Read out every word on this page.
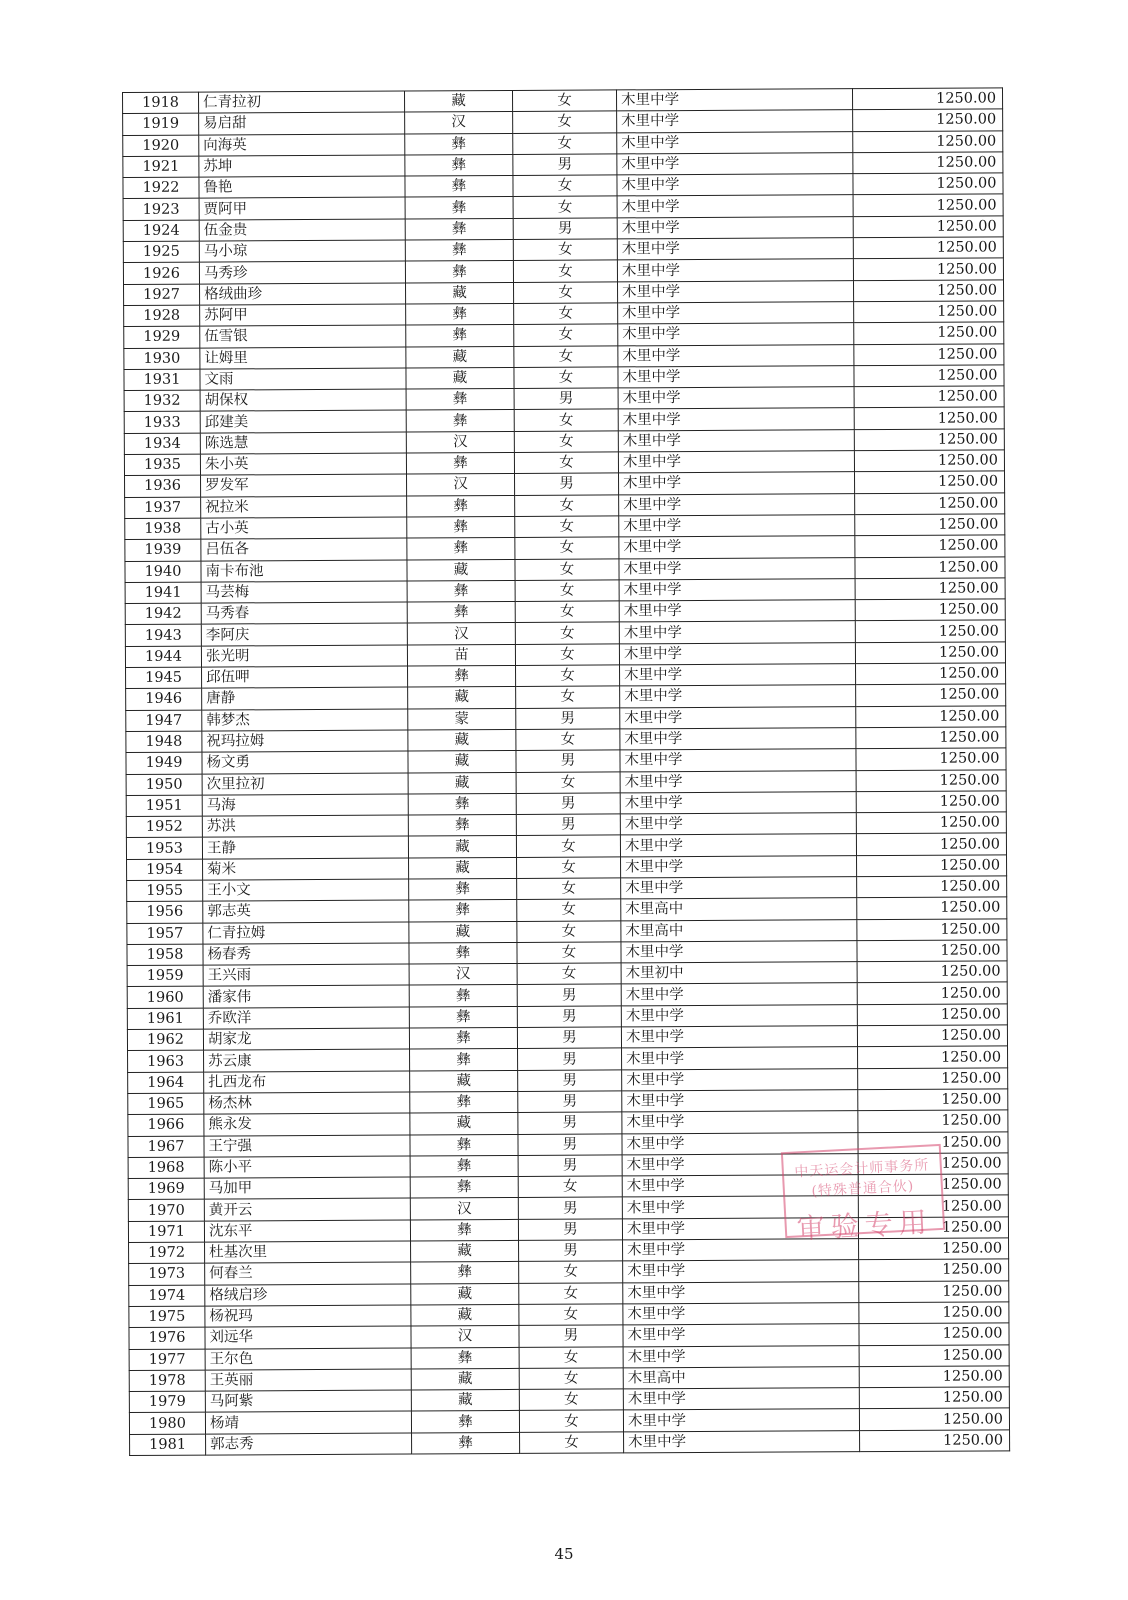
1918	仁青拉初	藏	女	木里中学	1250.00
1919	易启甜	汉	女	木里中学	1250.00
1920	向海英	彝	女	木里中学	1250.00
1921	苏坤	彝	男	木里中学	1250.00
1922	鲁艳	彝	女	木里中学	1250.00
1923	贾阿甲	彝	女	木里中学	1250.00
1924	伍金贵	彝	男	木里中学	1250.00
1925	马小琼	彝	女	木里中学	1250.00
1926	马秀珍	彝	女	木里中学	1250.00
1927	格绒曲珍	藏	女	木里中学	1250.00
1928	苏阿甲	彝	女	木里中学	1250.00
1929	伍雪银	彝	女	木里中学	1250.00
1930	让姆里	藏	女	木里中学	1250.00
1931	文雨	藏	女	木里中学	1250.00
1932	胡保权	彝	男	木里中学	1250.00
1933	邱建美	彝	女	木里中学	1250.00
1934	陈选慧	汉	女	木里中学	1250.00
1935	朱小英	彝	女	木里中学	1250.00
1936	罗发军	汉	男	木里中学	1250.00
1937	祝拉米	彝	女	木里中学	1250.00
1938	古小英	彝	女	木里中学	1250.00
1939	吕伍各	彝	女	木里中学	1250.00
1940	南卡布池	藏	女	木里中学	1250.00
1941	马芸梅	彝	女	木里中学	1250.00
1942	马秀春	彝	女	木里中学	1250.00
1943	李阿庆	汉	女	木里中学	1250.00
1944	张光明	苗	女	木里中学	1250.00
1945	邱伍呷	彝	女	木里中学	1250.00
1946	唐静	藏	女	木里中学	1250.00
1947	韩梦杰	蒙	男	木里中学	1250.00
1948	祝玛拉姆	藏	女	木里中学	1250.00
1949	杨文勇	藏	男	木里中学	1250.00
1950	次里拉初	藏	女	木里中学	1250.00
1951	马海	彝	男	木里中学	1250.00
1952	苏洪	彝	男	木里中学	1250.00
1953	王静	藏	女	木里中学	1250.00
1954	菊米	藏	女	木里中学	1250.00
1955	王小文	彝	女	木里中学	1250.00
1956	郭志英	彝	女	木里高中	1250.00
1957	仁青拉姆	藏	女	木里高中	1250.00
1958	杨春秀	彝	女	木里中学	1250.00
1959	王兴雨	汉	女	木里初中	1250.00
1960	潘家伟	彝	男	木里中学	1250.00
1961	乔欧洋	彝	男	木里中学	1250.00
1962	胡家龙	彝	男	木里中学	1250.00
1963	苏云康	彝	男	木里中学	1250.00
1964	扎西龙布	藏	男	木里中学	1250.00
1965	杨杰林	彝	男	木里中学	1250.00
1966	熊永发	藏	男	木里中学	1250.00
1967	王宁强	彝	男	木里中学	1250.00
1968	陈小平	彝	男	木里中学	1250.00
1969	马加甲	彝	女	木里中学	1250.00
1970	黄开云	汉	男	木里中学	1250.00
1971	沈东平	彝	男	木里中学	1250.00
1972	杜基次里	藏	男	木里中学	1250.00
1973	何春兰	彝	女	木里中学	1250.00
1974	格绒启珍	藏	女	木里中学	1250.00
1975	杨祝玛	藏	女	木里中学	1250.00
1976	刘远华	汉	男	木里中学	1250.00
1977	王尔色	彝	女	木里中学	1250.00
1978	王英丽	藏	女	木里高中	1250.00
1979	马阿紫	藏	女	木里中学	1250.00
1980	杨靖	彝	女	木里中学	1250.00
1981	郭志秀	彝	女	木里中学	1250.00
中天运会计师事务所(特殊普通合伙)
审验专用
45
